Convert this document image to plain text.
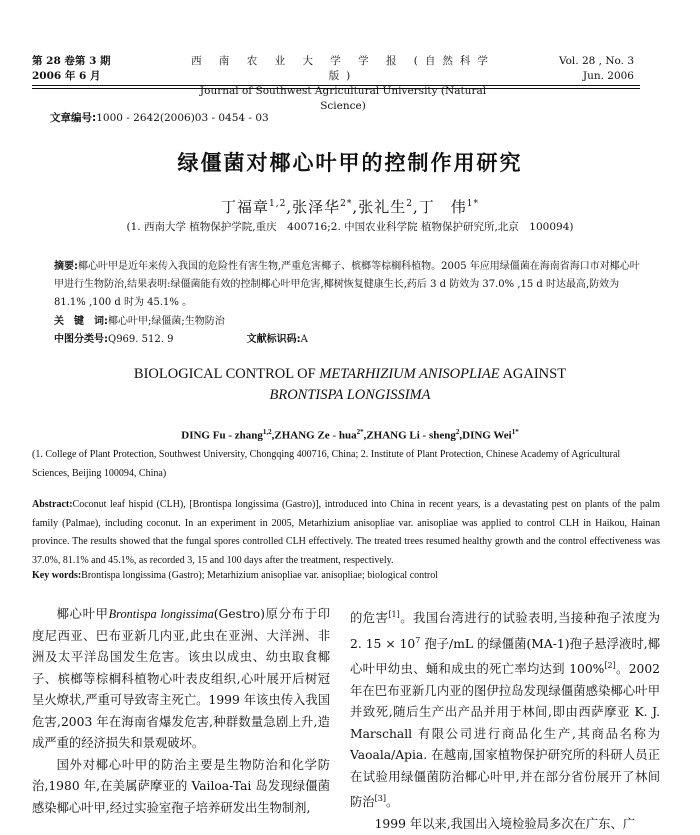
第 28 卷第 3 期
2006 年 6 月
西 南 农 业 大 学 学 报 (自然科学版)
Journal of Southwest Agricultural University (Natural Science)
Vol. 28 , No. 3
Jun. 2006
文章编号:1000 - 2642(2006)03 - 0454 - 03
绿僵菌对椰心叶甲的控制作用研究
丁福章$^{1,2}$,张泽华$^{2*}$,张礼生$^2$,丁　伟$^{1*}$
(1. 西南大学 植物保护学院,重庆　400716;2. 中国农业科学院 植物保护研究所,北京　100094)
摘要:椰心叶甲是近年来传入我国的危险性有害生物,严重危害椰子、槟榔等棕榈科植物。2005 年应用绿僵菌在海南省海口市对椰心叶甲进行生物防治,结果表明:绿僵菌能有效的控制椰心叶甲危害,椰树恢复健康生长,药后 3 d 防效为 37.0% ,15 d 时达最高,防效为 81.1% ,100 d 时为 45.1% 。
关　键　词:椰心叶甲;绿僵菌;生物防治
中图分类号:Q969. 512. 9	文献标识码:A
BIOLOGICAL CONTROL OF METARHIZIUM ANISOPLIAE AGAINST
BRONTISPA LONGISSIMA
DING Fu - zhang$^{1,2}$,ZHANG Ze - hua$^{2*}$,ZHANG Li - sheng$^2$,DING Wei$^{1*}$
(1. College of Plant Protection, Southwest University, Chongqing 400716, China; 2. Institute of Plant Protection, Chinese Academy of Agricultural Sciences, Beijing 100094, China)
Abstract:Coconut leaf hispid (CLH), [Brontispa longissima (Gastro)], introduced into China in recent years, is a devastating pest on plants of the palm family (Palmae), including coconut. In an experiment in 2005, Metarhizium anisopliae var. anisopliae was applied to control CLH in Haikou, Hainan province. The results showed that the fungal spores controlled CLH effectively. The treated trees resumed healthy growth and the control effectiveness was 37.0%, 81.1% and 45.1%, as recorded 3, 15 and 100 days after the treatment, respectively.
Key words:Brontispa longissima (Gastro); Metarhizium anisopliae var. anisopliae; biological control

椰心叶甲Brontispa longissima(Gestro)原分布于印度尼西亚、巴布亚新几内亚,此虫在亚洲、大洋洲、非洲及太平洋岛国发生危害。该虫以成虫、幼虫取食椰子、槟榔等棕榈科植物心叶表皮组织,心叶展开后树冠呈火燎状,严重可导致寄主死亡。1999 年该虫传入我国危害,2003 年在海南省爆发危害,种群数量急剧上升,造成严重的经济损失和景观破坏。

国外对椰心叶甲的防治主要是生物防治和化学防治,1980 年,在美属萨摩亚的 Vailoa-Tai 岛发现绿僵菌感染椰心叶甲,经过实验室孢子培养研发出生物制剂,

的危害[1]。我国台湾进行的试验表明,当接种孢子浓度为 2. $15 \times 10^7$ 孢子/mL 的绿僵菌(MA-1)孢子悬浮液时,椰心叶甲幼虫、蛹和成虫的死亡率均达到 100%[2]。2002 年在巴布亚新几内亚的图伊拉岛发现绿僵菌感染椰心叶甲并致死,随后生产出产品并用于林间,即由西萨摩亚 K. J. Marschall 有限公司进行商品化生产,其商品名称为 Vaoala/Apia. 在越南,国家植物保护研究所的科研人员正在试验用绿僵菌防治椰心叶甲,并在部分省份展开了林间防治[3]。

1999 年以来,我国出入境检验局多次在广东、广
